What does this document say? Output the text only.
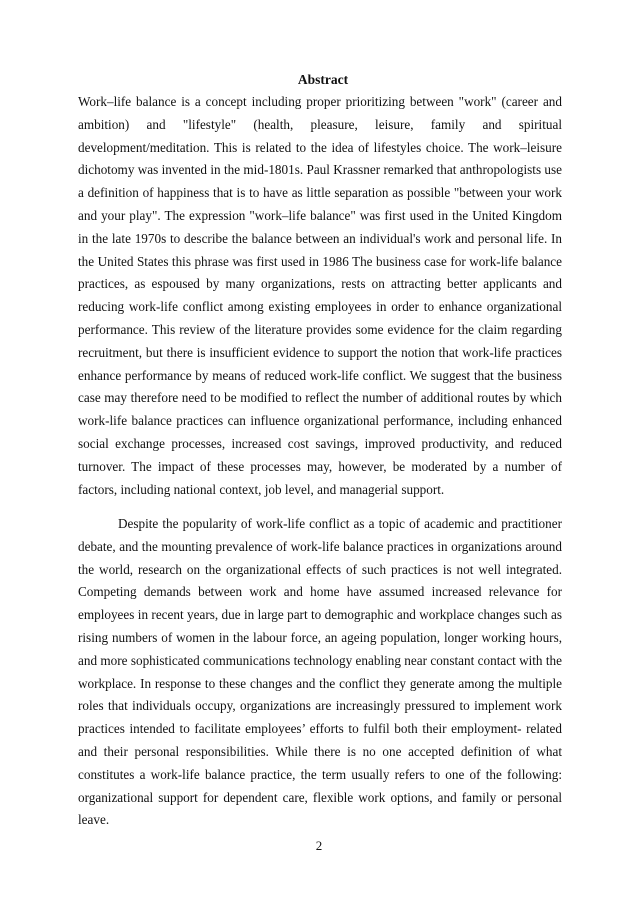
Abstract

Work–life balance is a concept including proper prioritizing between "work" (career and ambition) and "lifestyle" (health, pleasure, leisure, family and spiritual development/meditation. This is related to the idea of lifestyles choice. The work–leisure dichotomy was invented in the mid-1801s. Paul Krassner remarked that anthropologists use a definition of happiness that is to have as little separation as possible "between your work and your play". The expression "work–life balance" was first used in the United Kingdom in the late 1970s to describe the balance between an individual's work and personal life. In the United States this phrase was first used in 1986 The business case for work-life balance practices, as espoused by many organizations, rests on attracting better applicants and reducing work-life conflict among existing employees in order to enhance organizational performance. This review of the literature provides some evidence for the claim regarding recruitment, but there is insufficient evidence to support the notion that work-life practices enhance performance by means of reduced work-life conflict. We suggest that the business case may therefore need to be modified to reflect the number of additional routes by which work-life balance practices can influence organizational performance, including enhanced social exchange processes, increased cost savings, improved productivity, and reduced turnover. The impact of these processes may, however, be moderated by a number of factors, including national context, job level, and managerial support.

Despite the popularity of work-life conflict as a topic of academic and practitioner debate, and the mounting prevalence of work-life balance practices in organizations around the world, research on the organizational effects of such practices is not well integrated. Competing demands between work and home have assumed increased relevance for employees in recent years, due in large part to demographic and workplace changes such as rising numbers of women in the labour force, an ageing population, longer working hours, and more sophisticated communications technology enabling near constant contact with the workplace. In response to these changes and the conflict they generate among the multiple roles that individuals occupy, organizations are increasingly pressured to implement work practices intended to facilitate employees’ efforts to fulfil both their employment- related and their personal responsibilities. While there is no one accepted definition of what constitutes a work-life balance practice, the term usually refers to one of the following: organizational support for dependent care, flexible work options, and family or personal leave.

2
